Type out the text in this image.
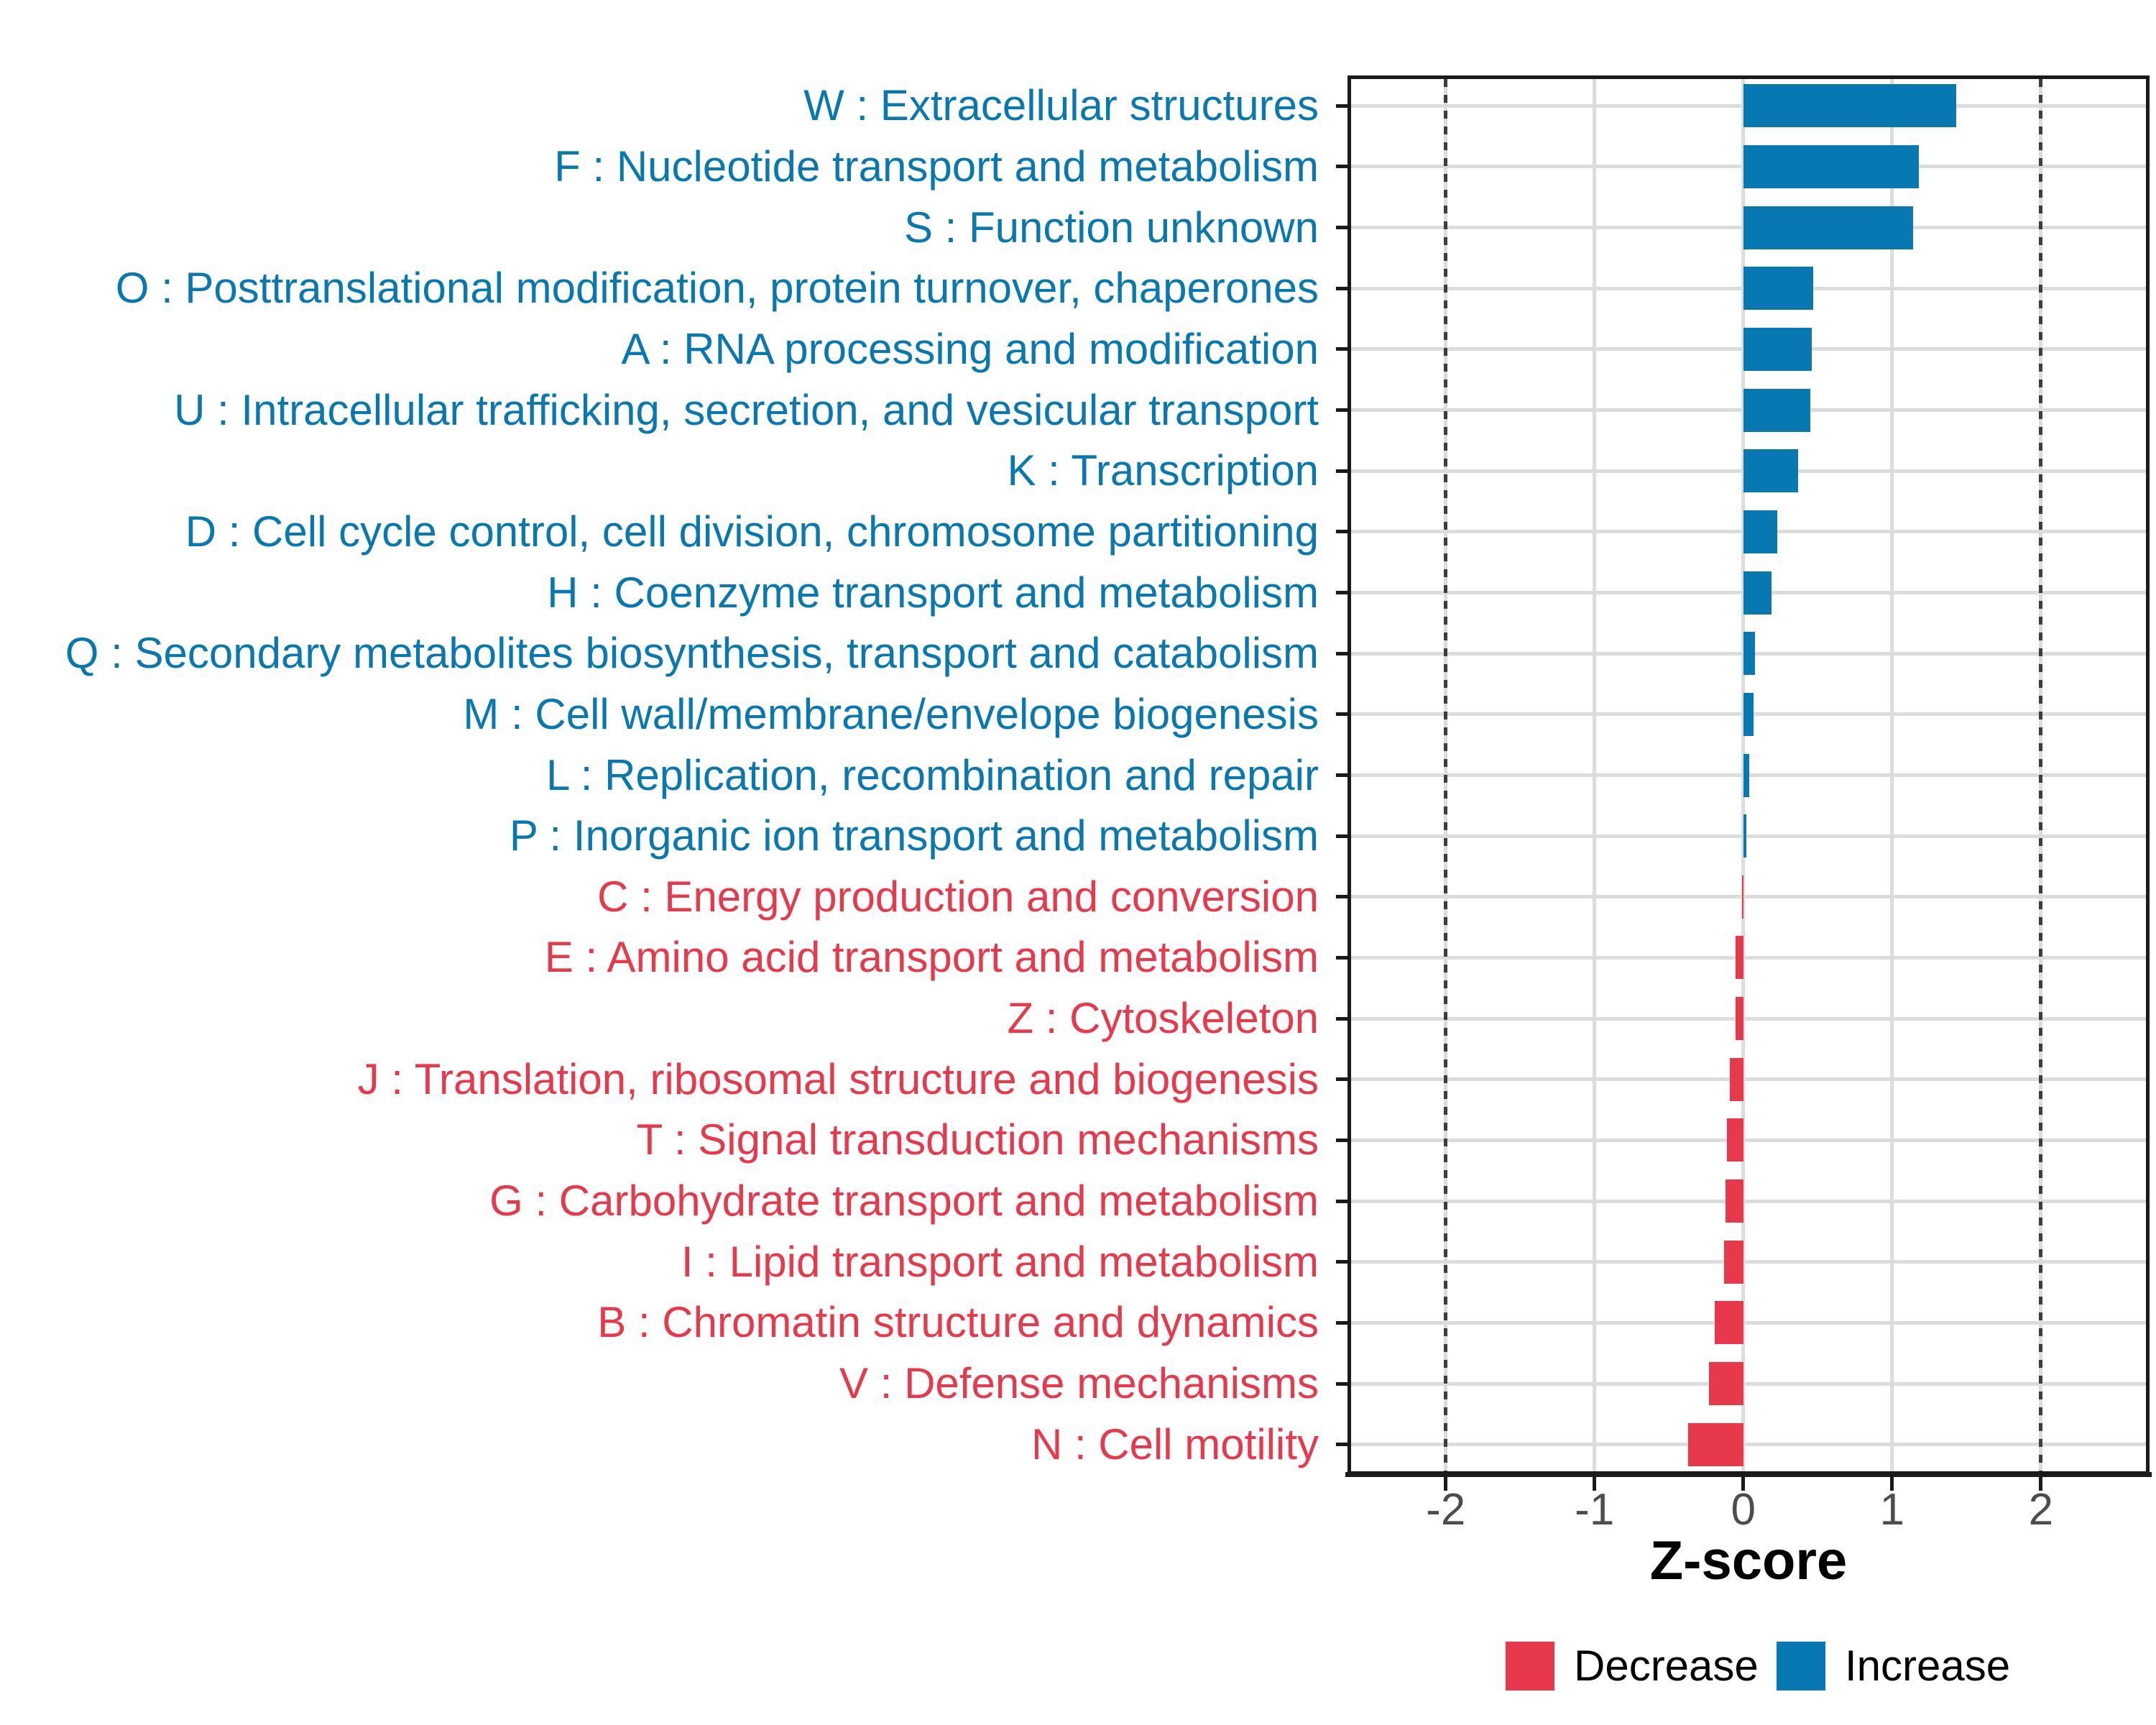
W : Extracellular structures
F : Nucleotide transport and metabolism
S : Function unknown
O : Posttranslational modification, protein turnover, chaperones
A : RNA processing and modification
U : Intracellular trafficking, secretion, and vesicular transport
K : Transcription
D : Cell cycle control, cell division, chromosome partitioning
H : Coenzyme transport and metabolism
Q : Secondary metabolites biosynthesis, transport and catabolism
M : Cell wall/membrane/envelope biogenesis
L : Replication, recombination and repair
P : Inorganic ion transport and metabolism
C : Energy production and conversion
E : Amino acid transport and metabolism
Z : Cytoskeleton
J : Translation, ribosomal structure and biogenesis
T : Signal transduction mechanisms
G : Carbohydrate transport and metabolism
I : Lipid transport and metabolism
B : Chromatin structure and dynamics
V : Defense mechanisms
N : Cell motility
-2	-1	0	1	2
Z-score
Decrease Increase
